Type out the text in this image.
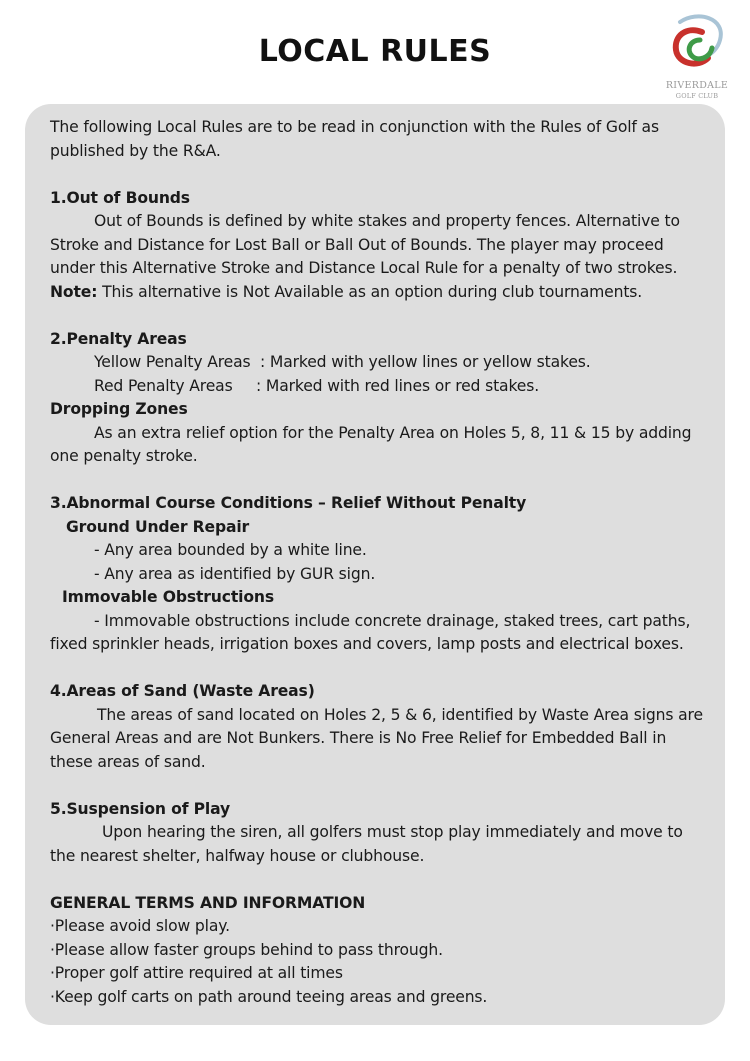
LOCAL RULES
RIVERDALE
GOLF CLUB

The following Local Rules are to be read in conjunction with the Rules of Golf as published by the R&A.

1.Out of Bounds

Out of Bounds is defined by white stakes and property fences. Alternative to Stroke and Distance for Lost Ball or Ball Out of Bounds. The player may proceed under this Alternative Stroke and Distance Local Rule for a penalty of two strokes.

Note: This alternative is Not Available as an option during club tournaments.

2.Penalty Areas

Yellow Penalty Areas : Marked with yellow lines or yellow stakes.

Red Penalty Areas : Marked with red lines or red stakes.

Dropping Zones

As an extra relief option for the Penalty Area on Holes 5, 8, 11 & 15 by adding one penalty stroke.

3.Abnormal Course Conditions – Relief Without Penalty

Ground Under Repair

- Any area bounded by a white line.

- Any area as identified by GUR sign.

Immovable Obstructions

- Immovable obstructions include concrete drainage, staked trees, cart paths, fixed sprinkler heads, irrigation boxes and covers, lamp posts and electrical boxes.

4.Areas of Sand (Waste Areas)

The areas of sand located on Holes 2, 5 & 6, identified by Waste Area signs are General Areas and are Not Bunkers. There is No Free Relief for Embedded Ball in these areas of sand.

5.Suspension of Play

Upon hearing the siren, all golfers must stop play immediately and move to the nearest shelter, halfway house or clubhouse.

GENERAL TERMS AND INFORMATION

·Please avoid slow play.

·Please allow faster groups behind to pass through.

·Proper golf attire required at all times

·Keep golf carts on path around teeing areas and greens.
